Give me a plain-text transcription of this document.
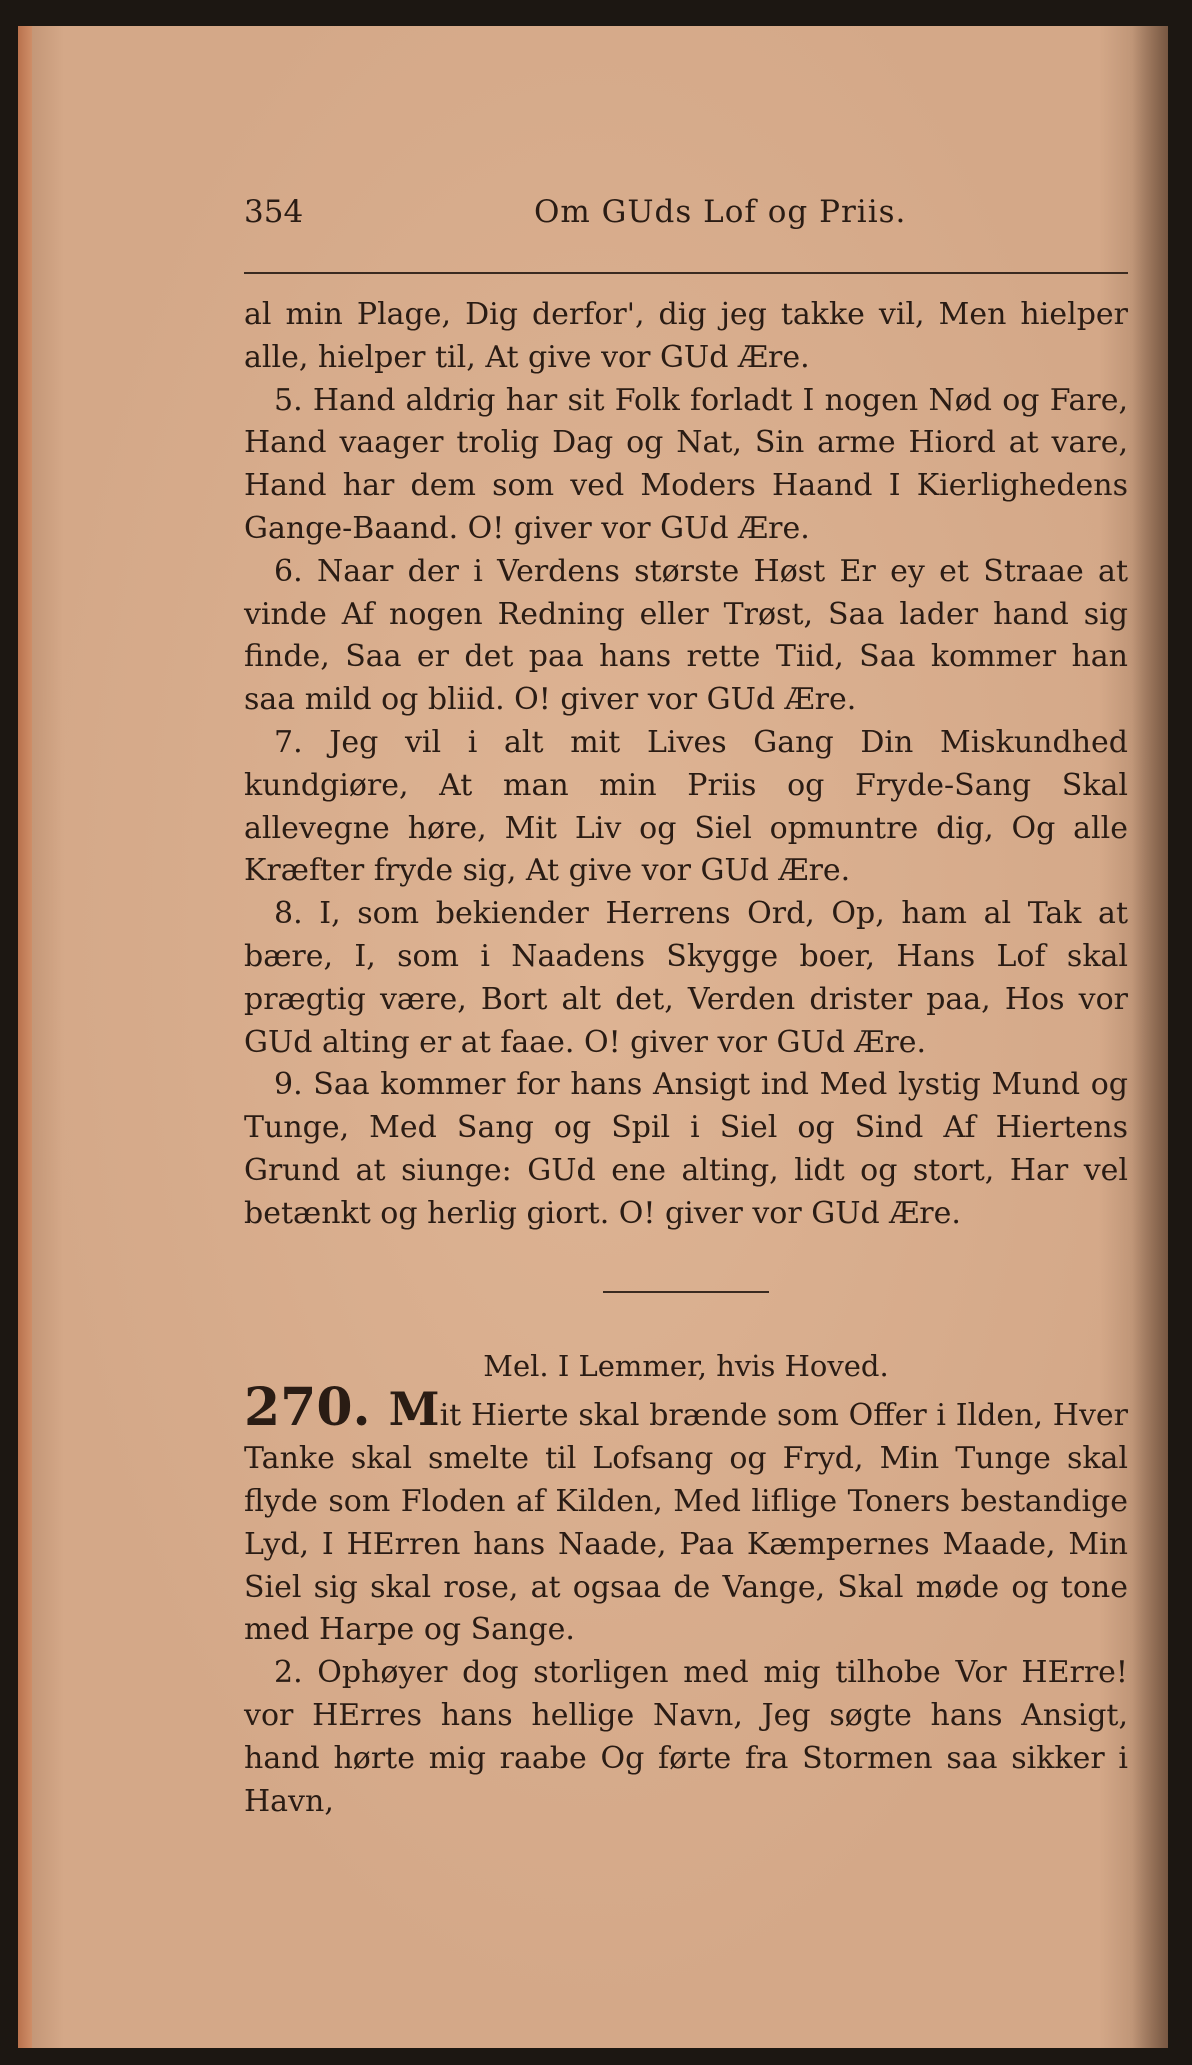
354	Om GUds Lof og Priis.

al min Plage, Dig derfor', dig jeg takke vil, Men hielper alle, hielper til, At give vor GUd Ære.

5. Hand aldrig har sit Folk forladt I nogen Nød og Fare, Hand vaager trolig Dag og Nat, Sin arme Hiord at vare, Hand har dem som ved Moders Haand I Kierlighedens Gange-Baand. O! giver vor GUd Ære.

6. Naar der i Verdens største Høst Er ey et Straae at vinde Af nogen Redning eller Trøst, Saa lader hand sig finde, Saa er det paa hans rette Tiid, Saa kommer han saa mild og bliid. O! giver vor GUd Ære.

7. Jeg vil i alt mit Lives Gang Din Miskundhed kundgiøre, At man min Priis og Fryde-Sang Skal allevegne høre, Mit Liv og Siel opmuntre dig, Og alle Kræfter fryde sig, At give vor GUd Ære.

8. I, som bekiender Herrens Ord, Op, ham al Tak at bære, I, som i Naadens Skygge boer, Hans Lof skal prægtig være, Bort alt det, Verden drister paa, Hos vor GUd alting er at faae. O! giver vor GUd Ære.

9. Saa kommer for hans Ansigt ind Med lystig Mund og Tunge, Med Sang og Spil i Siel og Sind Af Hiertens Grund at siunge: GUd ene alting, lidt og stort, Har vel betænkt og herlig giort. O! giver vor GUd Ære.

Mel. I Lemmer, hvis Hoved.

270. Mit Hierte skal brænde som Offer i Ilden, Hver Tanke skal smelte til Lofsang og Fryd, Min Tunge skal flyde som Floden af Kilden, Med liflige Toners bestandige Lyd, I HErren hans Naade, Paa Kæmpernes Maade, Min Siel sig skal rose, at ogsaa de Vange, Skal møde og tone med Harpe og Sange.

2. Ophøyer dog storligen med mig tilhobe Vor HErre! vor HErres hans hellige Navn, Jeg søgte hans Ansigt, hand hørte mig raabe Og førte fra Stormen saa sikker i Havn,
